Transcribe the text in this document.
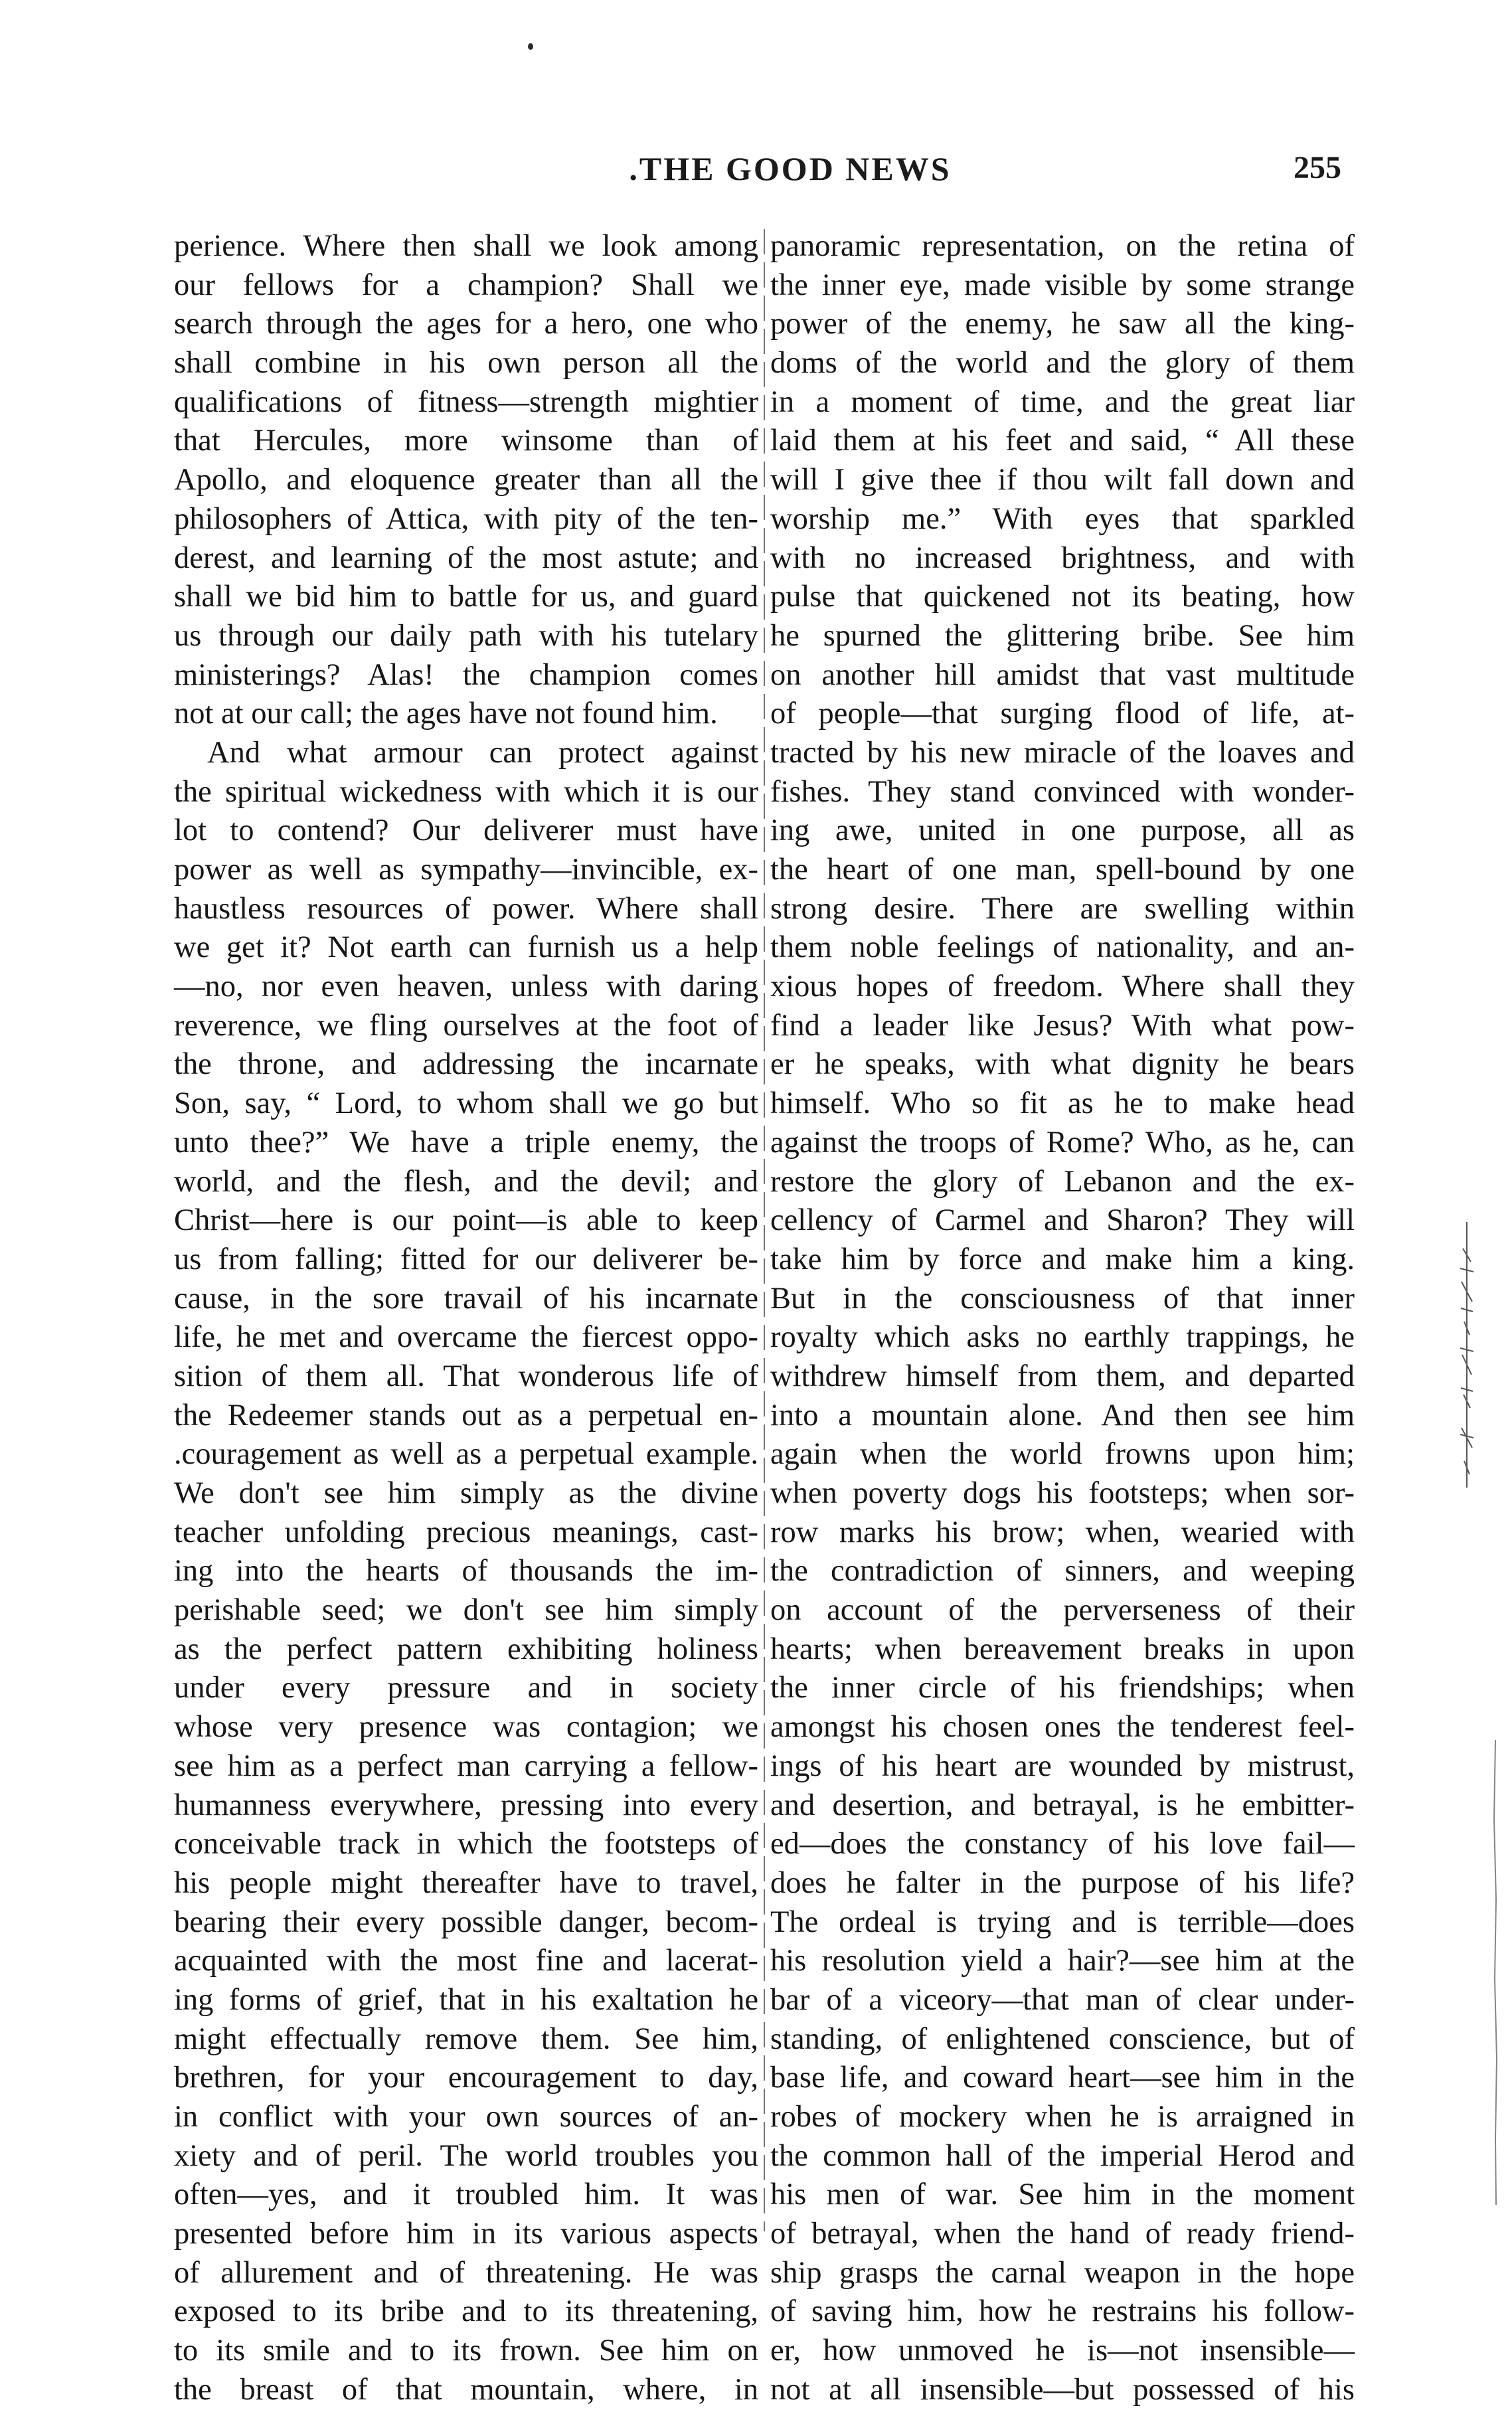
.THE GOOD NEWS	255
perience. Where then shall we look among
our fellows for a champion? Shall we
search through the ages for a hero, one who
shall combine in his own person all the
qualifications of fitness—strength mightier
that Hercules, more winsome than of
Apollo, and eloquence greater than all the
philosophers of Attica, with pity of the ten-
derest, and learning of the most astute; and
shall we bid him to battle for us, and guard
us through our daily path with his tutelary
ministerings? Alas! the champion comes
not at our call; the ages have not found him.
And what armour can protect against
the spiritual wickedness with which it is our
lot to contend? Our deliverer must have
power as well as sympathy—invincible, ex-
haustless resources of power. Where shall
we get it? Not earth can furnish us a help
—no, nor even heaven, unless with daring
reverence, we fling ourselves at the foot of
the throne, and addressing the incarnate
Son, say, “ Lord, to whom shall we go but
unto thee?” We have a triple enemy, the
world, and the flesh, and the devil; and
Christ—here is our point—is able to keep
us from falling; fitted for our deliverer be-
cause, in the sore travail of his incarnate
life, he met and overcame the fiercest oppo-
sition of them all. That wonderous life of
the Redeemer stands out as a perpetual en-
.couragement as well as a perpetual example.
We don't see him simply as the divine
teacher unfolding precious meanings, cast-
ing into the hearts of thousands the im-
perishable seed; we don't see him simply
as the perfect pattern exhibiting holiness
under every pressure and in society
whose very presence was contagion; we
see him as a perfect man carrying a fellow-
humanness everywhere, pressing into every
conceivable track in which the footsteps of
his people might thereafter have to travel,
bearing their every possible danger, becom-
acquainted with the most fine and lacerat-
ing forms of grief, that in his exaltation he
might effectually remove them. See him,
brethren, for your encouragement to day,
in conflict with your own sources of an-
xiety and of peril. The world troubles you
often—yes, and it troubled him. It was
presented before him in its various aspects
of allurement and of threatening. He was
exposed to its bribe and to its threatening,
to its smile and to its frown. See him on
the breast of that mountain, where, in
panoramic representation, on the retina of
the inner eye, made visible by some strange
power of the enemy, he saw all the king-
doms of the world and the glory of them
in a moment of time, and the great liar
laid them at his feet and said, “ All these
will I give thee if thou wilt fall down and
worship me.” With eyes that sparkled
with no increased brightness, and with
pulse that quickened not its beating, how
he spurned the glittering bribe. See him
on another hill amidst that vast multitude
of people—that surging flood of life, at-
tracted by his new miracle of the loaves and
fishes. They stand convinced with wonder-
ing awe, united in one purpose, all as
the heart of one man, spell-bound by one
strong desire. There are swelling within
them noble feelings of nationality, and an-
xious hopes of freedom. Where shall they
find a leader like Jesus? With what pow-
er he speaks, with what dignity he bears
himself. Who so fit as he to make head
against the troops of Rome? Who, as he, can
restore the glory of Lebanon and the ex-
cellency of Carmel and Sharon? They will
take him by force and make him a king.
But in the consciousness of that inner
royalty which asks no earthly trappings, he
withdrew himself from them, and departed
into a mountain alone. And then see him
again when the world frowns upon him;
when poverty dogs his footsteps; when sor-
row marks his brow; when, wearied with
the contradiction of sinners, and weeping
on account of the perverseness of their
hearts; when bereavement breaks in upon
the inner circle of his friendships; when
amongst his chosen ones the tenderest feel-
ings of his heart are wounded by mistrust,
and desertion, and betrayal, is he embitter-
ed—does the constancy of his love fail—
does he falter in the purpose of his life?
The ordeal is trying and is terrible—does
his resolution yield a hair?—see him at the
bar of a viceory—that man of clear under-
standing, of enlightened conscience, but of
base life, and coward heart—see him in the
robes of mockery when he is arraigned in
the common hall of the imperial Herod and
his men of war. See him in the moment
of betrayal, when the hand of ready friend-
ship grasps the carnal weapon in the hope
of saving him, how he restrains his follow-
er, how unmoved he is—not insensible—
not at all insensible—but possessed of his
